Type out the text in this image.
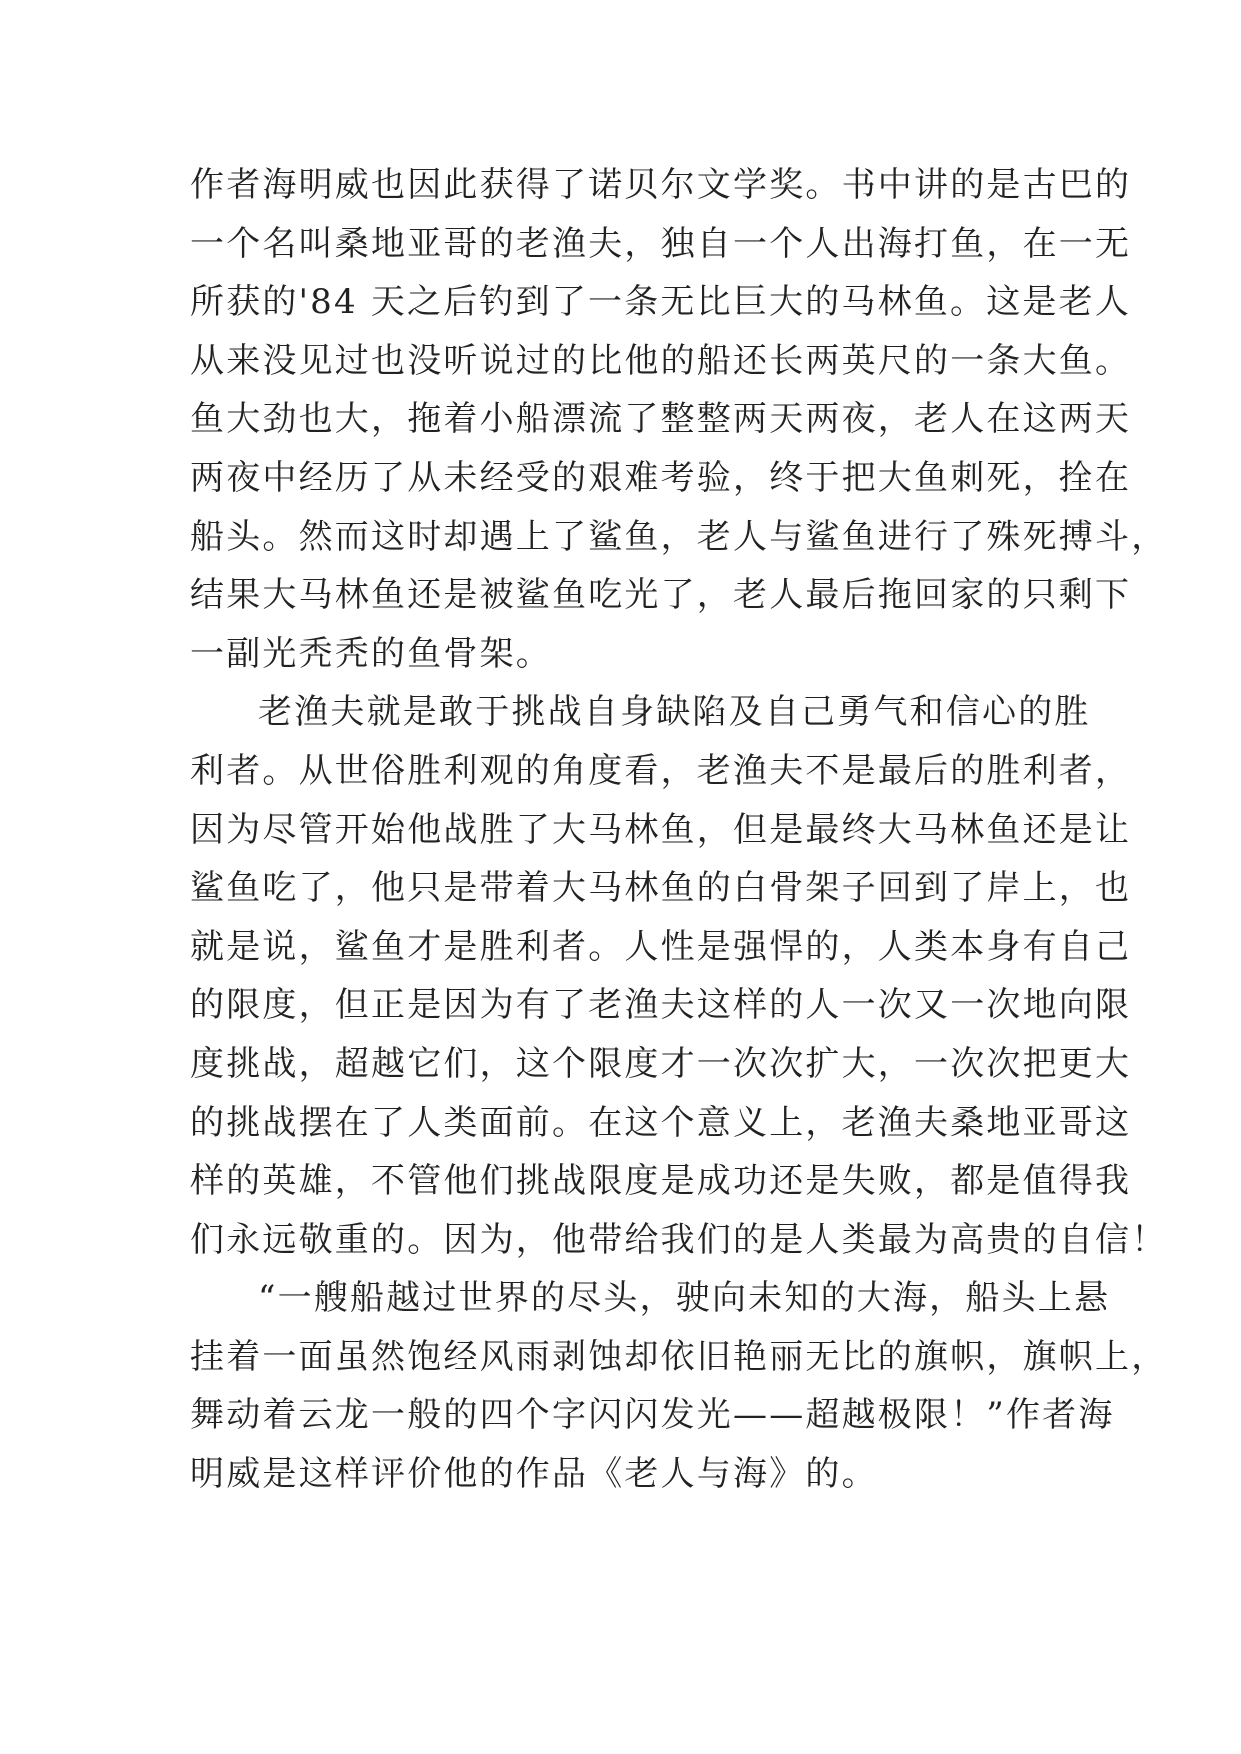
作者海明威也因此获得了诺贝尔文学奖。书中讲的是古巴的
一个名叫桑地亚哥的老渔夫，独自一个人出海打鱼，在一无
所获的'84 天之后钓到了一条无比巨大的马林鱼。这是老人
从来没见过也没听说过的比他的船还长两英尺的一条大鱼。
鱼大劲也大，拖着小船漂流了整整两天两夜，老人在这两天
两夜中经历了从未经受的艰难考验，终于把大鱼刺死，拴在
船头。然而这时却遇上了鲨鱼，老人与鲨鱼进行了殊死搏斗，
结果大马林鱼还是被鲨鱼吃光了，老人最后拖回家的只剩下
一副光秃秃的鱼骨架。
老渔夫就是敢于挑战自身缺陷及自己勇气和信心的胜
利者。从世俗胜利观的角度看，老渔夫不是最后的胜利者，
因为尽管开始他战胜了大马林鱼，但是最终大马林鱼还是让
鲨鱼吃了，他只是带着大马林鱼的白骨架子回到了岸上，也
就是说，鲨鱼才是胜利者。人性是强悍的，人类本身有自己
的限度，但正是因为有了老渔夫这样的人一次又一次地向限
度挑战，超越它们，这个限度才一次次扩大，一次次把更大
的挑战摆在了人类面前。在这个意义上，老渔夫桑地亚哥这
样的英雄，不管他们挑战限度是成功还是失败，都是值得我
们永远敬重的。因为，他带给我们的是人类最为高贵的自信！
“一艘船越过世界的尽头，驶向未知的大海，船头上悬
挂着一面虽然饱经风雨剥蚀却依旧艳丽无比的旗帜，旗帜上，
舞动着云龙一般的四个字闪闪发光——超越极限！”作者海
明威是这样评价他的作品《老人与海》的。
